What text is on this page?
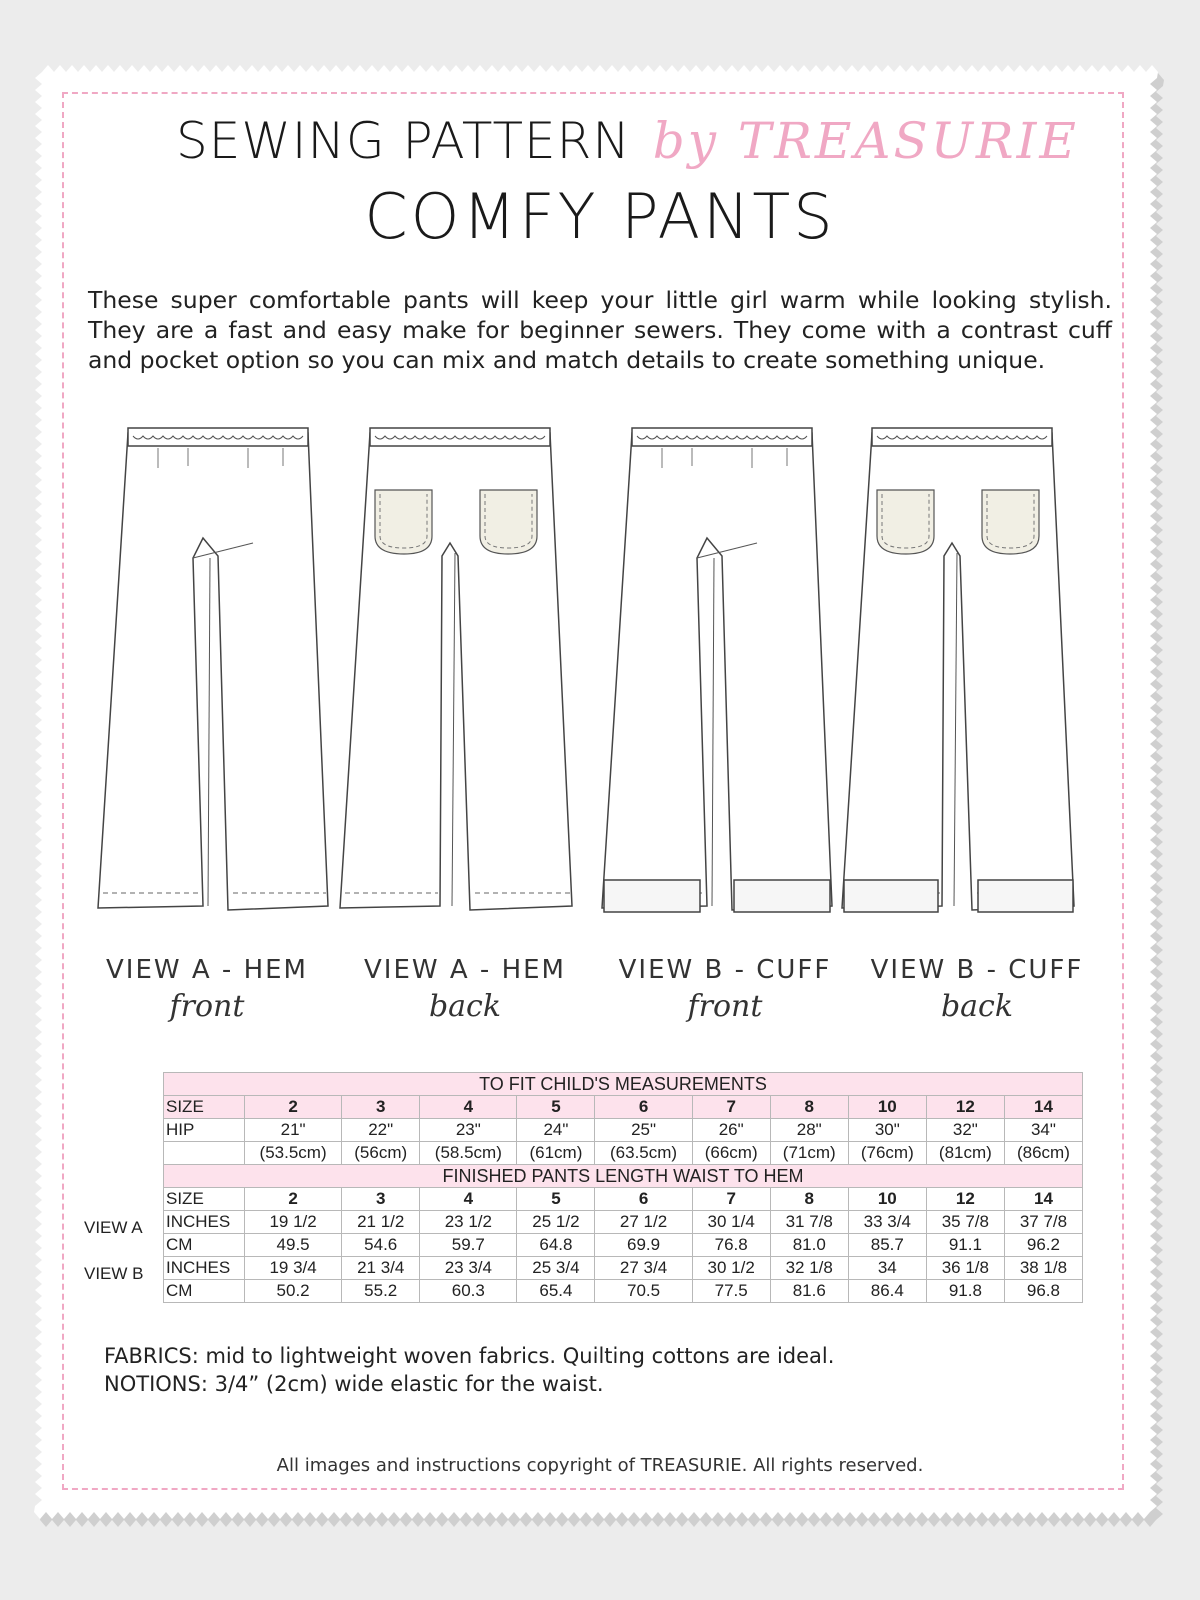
SEWING PATTERN by TREASURIE
COMFY PANTS
These super comfortable pants will keep your little girl warm while looking stylish. They are a fast and easy make for beginner sewers. They come with a contrast cuff and pocket option so you can mix and match details to create something unique.
VIEW A - HEM
front
VIEW A - HEM
back
VIEW B - CUFF
front
VIEW B - CUFF
back
TO FIT CHILD'S MEASUREMENTS										
SIZE	2	3	4	5	6	7	8	10	12	14
HIP	21"	22"	23"	24"	25"	26"	28"	30"	32"	34"
	(53.5cm)	(56cm)	(58.5cm)	(61cm)	(63.5cm)	(66cm)	(71cm)	(76cm)	(81cm)	(86cm)
FINISHED PANTS LENGTH WAIST TO HEM										
SIZE	2	3	4	5	6	7	8	10	12	14
INCHES	19 1/2	21 1/2	23 1/2	25 1/2	27 1/2	30 1/4	31 7/8	33 3/4	35 7/8	37 7/8
CM	49.5	54.6	59.7	64.8	69.9	76.8	81.0	85.7	91.1	96.2
INCHES	19 3/4	21 3/4	23 3/4	25 3/4	27 3/4	30 1/2	32 1/8	34	36 1/8	38 1/8
CM	50.2	55.2	60.3	65.4	70.5	77.5	81.6	86.4	91.8	96.8
VIEW A
VIEW B
FABRICS: mid to lightweight woven fabrics. Quilting cottons are ideal.
NOTIONS: 3/4” (2cm) wide elastic for the waist.
All images and instructions copyright of TREASURIE. All rights reserved.
